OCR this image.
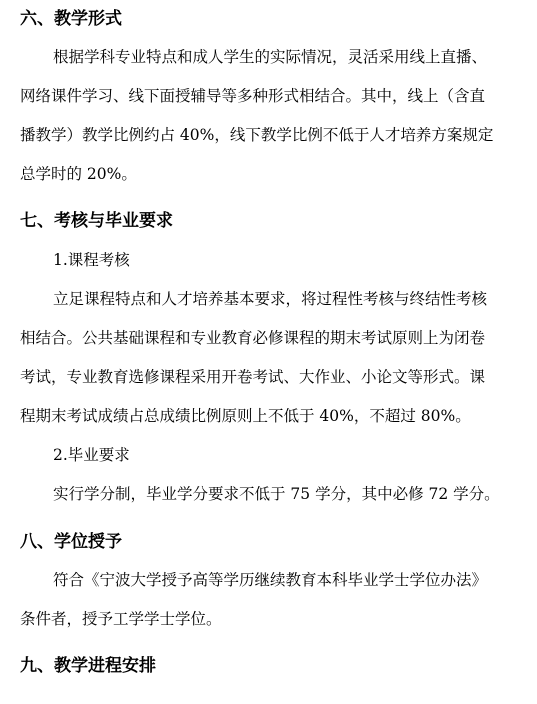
六、教学形式
根据学科专业特点和成人学生的实际情况，灵活采用线上直播、
网络课件学习、线下面授辅导等多种形式相结合。其中，线上（含直
播教学）教学比例约占 40%，线下教学比例不低于人才培养方案规定
总学时的 20%。
七、考核与毕业要求
1.课程考核
立足课程特点和人才培养基本要求，将过程性考核与终结性考核
相结合。公共基础课程和专业教育必修课程的期末考试原则上为闭卷
考试，专业教育选修课程采用开卷考试、大作业、小论文等形式。课
程期末考试成绩占总成绩比例原则上不低于 40%，不超过 80%。
2.毕业要求
实行学分制，毕业学分要求不低于 75 学分，其中必修 72 学分。
八、学位授予
符合《宁波大学授予高等学历继续教育本科毕业学士学位办法》
条件者，授予工学学士学位。
九、教学进程安排
